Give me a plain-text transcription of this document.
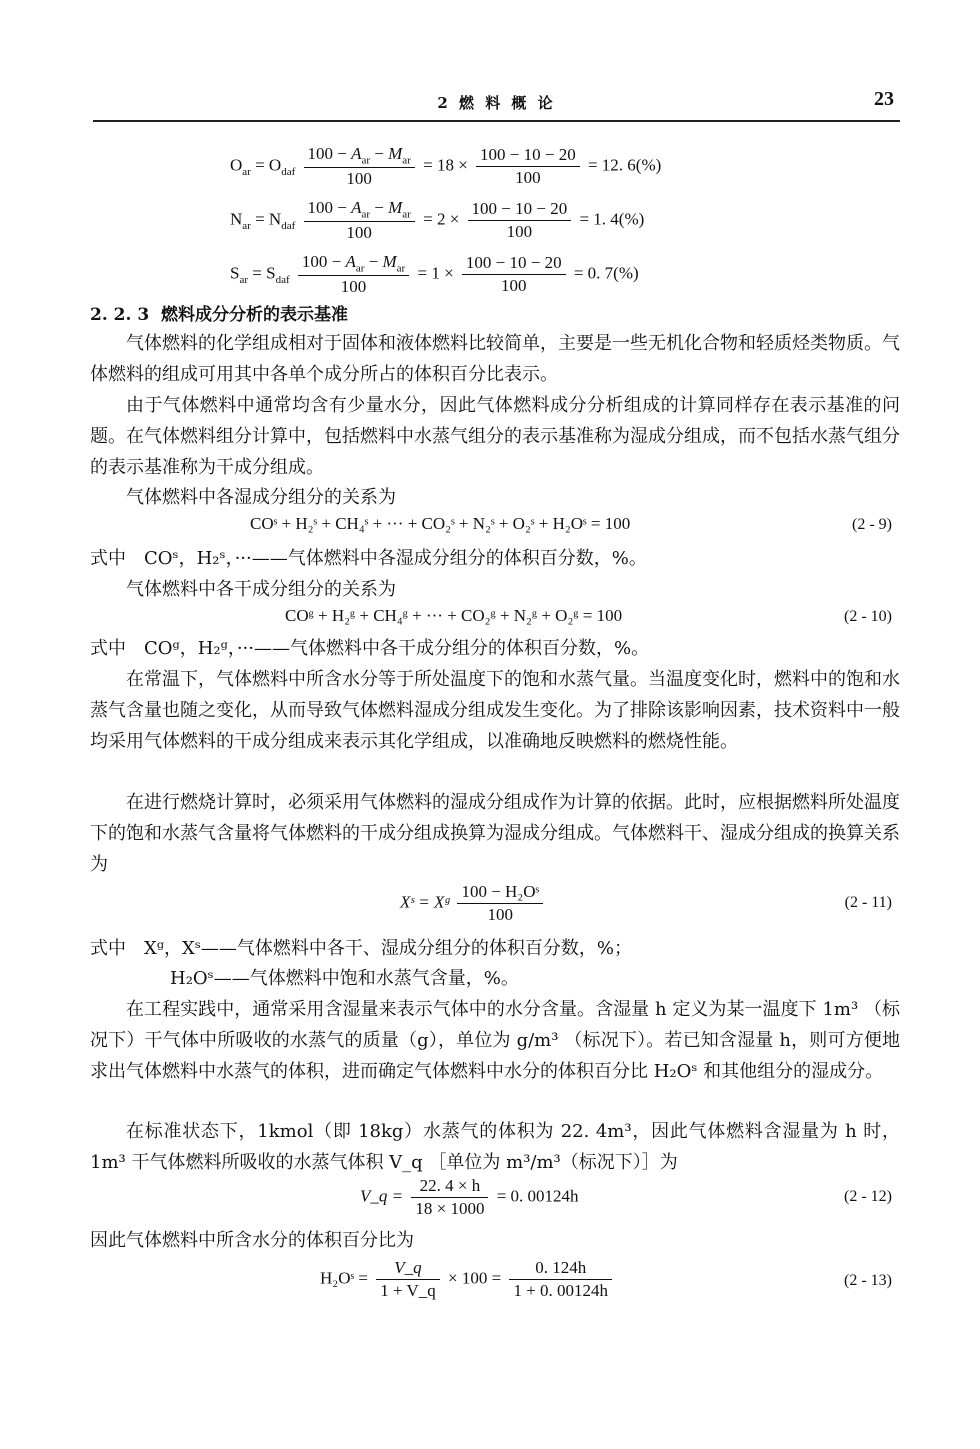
2 燃 料 概 论	23
$O_{ar} = O_{daf} \frac{100 - A_{ar} - M_{ar}}{100} = 18 \times \frac{100 - 10 - 20}{100} = 12$. 6(%)
$N_{ar} = N_{daf} \frac{100 - A_{ar} - M_{ar}}{100} = 2 \times \frac{100 - 10 - 20}{100} = 1$. 4(%)
$S_{ar} = S_{daf} \frac{100 - A_{ar} - M_{ar}}{100} = 1 \times \frac{100 - 10 - 20}{100} = 0$. 7(%)
2. 2. 3 燃料成分分析的表示基准

气体燃料的化学组成相对于固体和液体燃料比较简单，主要是一些无机化合物和轻质烃类物质。气体燃料的组成可用其中各单个成分所占的体积百分比表示。

由于气体燃料中通常均含有少量水分，因此气体燃料成分分析组成的计算同样存在表示基准的问题。在气体燃料组分计算中，包括燃料中水蒸气组分的表示基准称为湿成分组成，而不包括水蒸气组分的表示基准称为干成分组成。

气体燃料中各湿成分组分的关系为

COˢ + H₂ˢ + CH₄ˢ + ··· + CO₂ˢ + N₂ˢ + O₂ˢ + H₂Oˢ = 100	(2 - 9)
式中　COˢ，H₂ˢ，···——气体燃料中各湿成分组分的体积百分数，%。

气体燃料中各干成分组分的关系为

COᵍ + H₂ᵍ + CH₄ᵍ + ··· + CO₂ᵍ + N₂ᵍ + O₂ᵍ = 100	(2 - 10)
式中　COᵍ，H₂ᵍ，···——气体燃料中各干成分组分的体积百分数，%。

在常温下，气体燃料中所含水分等于所处温度下的饱和水蒸气量。当温度变化时，燃料中的饱和水蒸气含量也随之变化，从而导致气体燃料湿成分组成发生变化。为了排除该影响因素，技术资料中一般均采用气体燃料的干成分组成来表示其化学组成，以准确地反映燃料的燃烧性能。

在进行燃烧计算时，必须采用气体燃料的湿成分组成作为计算的依据。此时，应根据燃料所处温度下的饱和水蒸气含量将气体燃料的干成分组成换算为湿成分组成。气体燃料干、湿成分组成的换算关系为

Xˢ = Xᵍ $\frac{\text{100 − H₂Oˢ}}{100}$	(2 - 11)
式中　Xᵍ，Xˢ——气体燃料中各干、湿成分组分的体积百分数，%；
H₂Oˢ——气体燃料中饱和水蒸气含量，%。

在工程实践中，通常采用含湿量来表示气体中的水分含量。含湿量 h 定义为某一温度下 1m³ （标况下）干气体中所吸收的水蒸气的质量（g），单位为 g/m³ （标况下）。若已知含湿量 h，则可方便地求出气体燃料中水蒸气的体积，进而确定气体燃料中水分的体积百分比 H₂Oˢ 和其他组分的湿成分。

在标准状态下，1kmol（即 18kg）水蒸气的体积为 22. 4m³，因此气体燃料含湿量为 h 时，1m³ 干气体燃料所吸收的水蒸气体积 V_q ［单位为 m³/m³（标况下）］为

V_q = $\frac{22. 4 \times h}{18 \times 1000} = 0$. 00124h	(2 - 12)
因此气体燃料中所含水分的体积百分比为
H₂Oˢ = $\frac{V\_q}{1 + V\_q} \times 100 = \frac{0. 124h}{1 + 0. 00124h}$	(2 - 13)
